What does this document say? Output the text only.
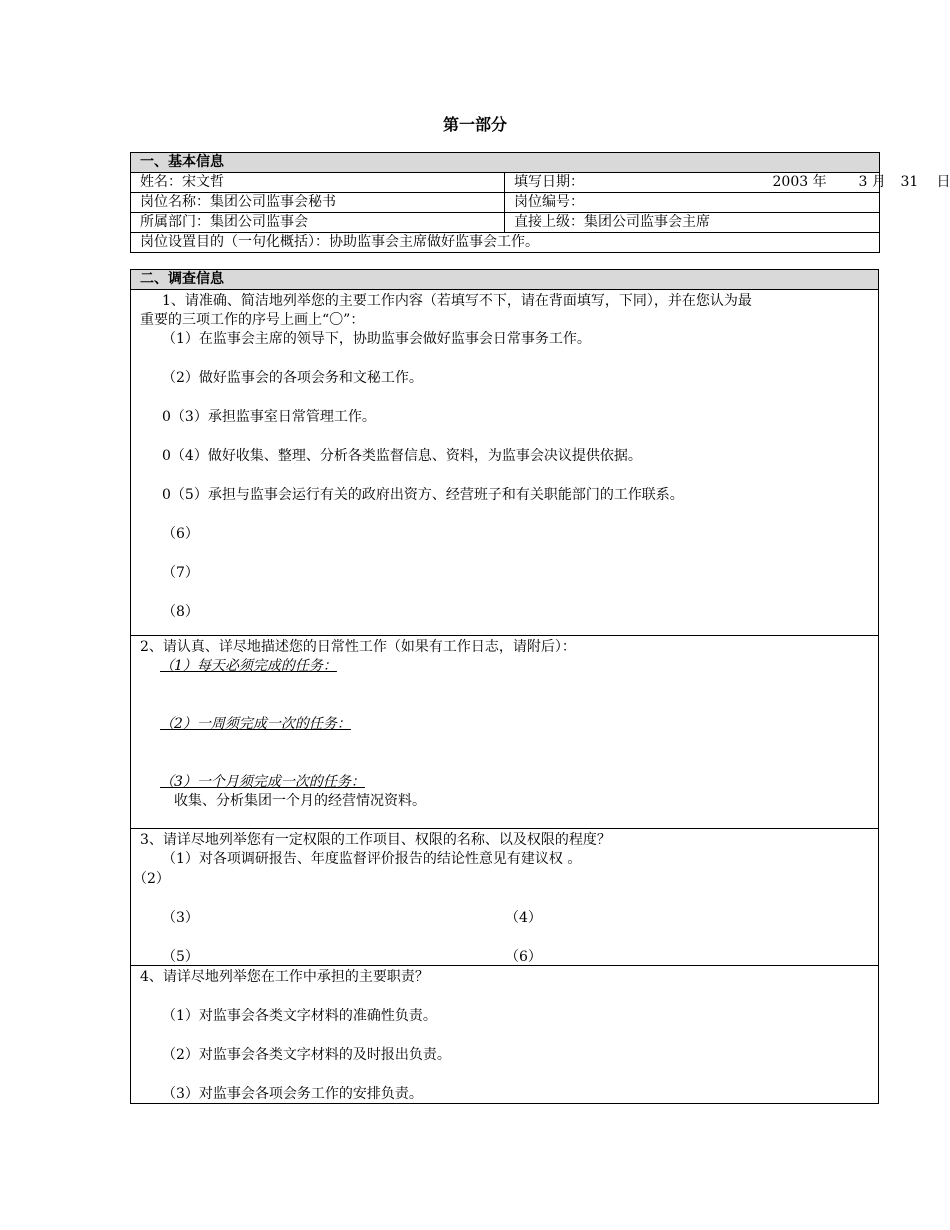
第一部分
一、基本信息	
姓名：宋文哲	填写日期： 2003 年 3 月 31 日

岗位名称：集团公司监事会秘书	岗位编号：
所属部门：集团公司监事会	直接上级：集团公司监事会主席
岗位设置目的（一句化概括）：协助监事会主席做好监事会工作。	
二、调查信息

1、请准确、简洁地列举您的主要工作内容（若填写不下，请在背面填写，下同），并在您认为最
重要的三项工作的序号上画上“〇”：
（1）在监事会主席的领导下，协助监事会做好监事会日常事务工作。
（2）做好监事会的各项会务和文秘工作。
0（3）承担监事室日常管理工作。
0（4）做好收集、整理、分析各类监督信息、资料，为监事会决议提供依据。
0（5）承担与监事会运行有关的政府出资方、经营班子和有关职能部门的工作联系。
（6）
（7）
（8）

2、请认真、详尽地描述您的日常性工作（如果有工作日志，请附后）：
（1）每天必须完成的任务：
（2）一周须完成一次的任务：
（3）一个月须完成一次的任务：
收集、分析集团一个月的经营情况资料。

3、请详尽地列举您有一定权限的工作项目、权限的名称、以及权限的程度？
（1）对各项调研报告、年度监督评价报告的结论性意见有建议权 。
（2）
（3）	（4）
（5）	（6）

4、请详尽地列举您在工作中承担的主要职责？
（1）对监事会各类文字材料的准确性负责。
（2）对监事会各类文字材料的及时报出负责。
（3）对监事会各项会务工作的安排负责。
